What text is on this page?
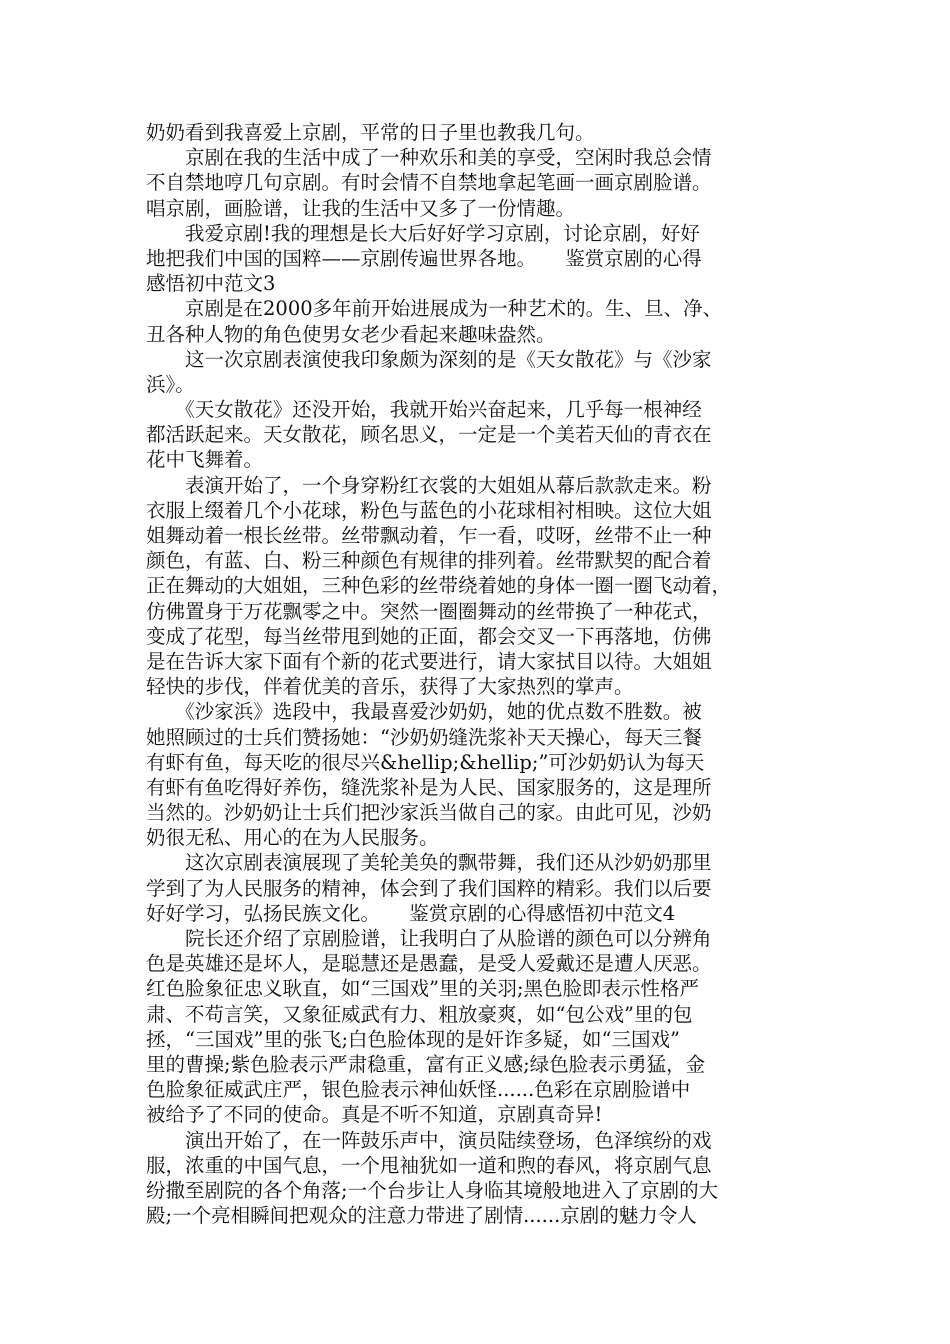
奶奶看到我喜爱上京剧，平常的日子里也教我几句。
　　京剧在我的生活中成了一种欢乐和美的享受，空闲时我总会情
不自禁地哼几句京剧。有时会情不自禁地拿起笔画一画京剧脸谱。
唱京剧，画脸谱，让我的生活中又多了一份情趣。
　　我爱京剧!我的理想是长大后好好学习京剧，讨论京剧，好好
地把我们中国的国粹——京剧传遍世界各地。　　鉴赏京剧的心得
感悟初中范文3
　　京剧是在2000多年前开始进展成为一种艺术的。生、旦、净、
丑各种人物的角色使男女老少看起来趣味盎然。
　　这一次京剧表演使我印象颇为深刻的是《天女散花》与《沙家
浜》。
　　《天女散花》还没开始，我就开始兴奋起来，几乎每一根神经
都活跃起来。天女散花，顾名思义，一定是一个美若天仙的青衣在
花中飞舞着。
　　表演开始了，一个身穿粉红衣裳的大姐姐从幕后款款走来。粉
衣服上缀着几个小花球，粉色与蓝色的小花球相衬相映。这位大姐
姐舞动着一根长丝带。丝带飘动着，乍一看，哎呀，丝带不止一种
颜色，有蓝、白、粉三种颜色有规律的排列着。丝带默契的配合着
正在舞动的大姐姐，三种色彩的丝带绕着她的身体一圈一圈飞动着，
仿佛置身于万花飘零之中。突然一圈圈舞动的丝带换了一种花式，
变成了花型，每当丝带甩到她的正面，都会交叉一下再落地，仿佛
是在告诉大家下面有个新的花式要进行，请大家拭目以待。大姐姐
轻快的步伐，伴着优美的音乐，获得了大家热烈的掌声。
　　《沙家浜》选段中，我最喜爱沙奶奶，她的优点数不胜数。被
她照顾过的士兵们赞扬她：“沙奶奶缝洗浆补天天操心，每天三餐
有虾有鱼，每天吃的很尽兴&hellip;&hellip;”可沙奶奶认为每天
有虾有鱼吃得好养伤，缝洗浆补是为人民、国家服务的，这是理所
当然的。沙奶奶让士兵们把沙家浜当做自己的家。由此可见，沙奶
奶很无私、用心的在为人民服务。
　　这次京剧表演展现了美轮美奂的飘带舞，我们还从沙奶奶那里
学到了为人民服务的精神，体会到了我们国粹的精彩。我们以后要
好好学习，弘扬民族文化。　　鉴赏京剧的心得感悟初中范文4
　　院长还介绍了京剧脸谱，让我明白了从脸谱的颜色可以分辨角
色是英雄还是坏人，是聪慧还是愚蠢，是受人爱戴还是遭人厌恶。
红色脸象征忠义耿直，如“三国戏”里的关羽;黑色脸即表示性格严
肃、不苟言笑，又象征威武有力、粗放豪爽，如“包公戏”里的包
拯，“三国戏”里的张飞;白色脸体现的是奸诈多疑，如“三国戏”
里的曹操;紫色脸表示严肃稳重，富有正义感;绿色脸表示勇猛，金
色脸象征威武庄严，银色脸表示神仙妖怪......色彩在京剧脸谱中
被给予了不同的使命。真是不听不知道，京剧真奇异!
　　演出开始了，在一阵鼓乐声中，演员陆续登场，色泽缤纷的戏
服，浓重的中国气息，一个甩袖犹如一道和煦的春风，将京剧气息
纷撒至剧院的各个角落;一个台步让人身临其境般地进入了京剧的大
殿;一个亮相瞬间把观众的注意力带进了剧情......京剧的魅力令人
